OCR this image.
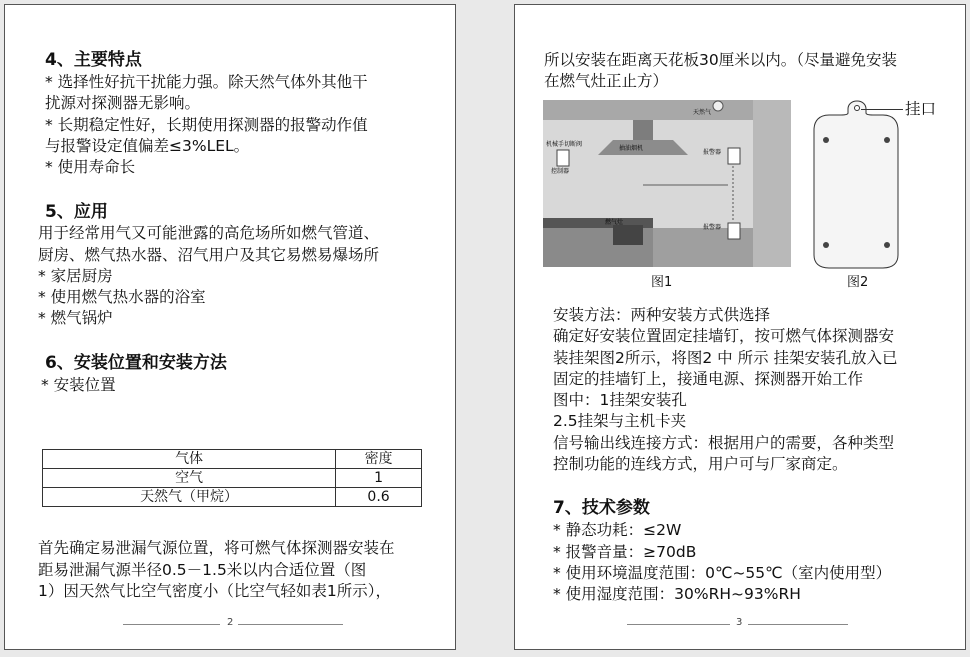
4、主要特点
* 选择性好抗干扰能力强。除天然气体外其他干
扰源对探测器无影响。
* 长期稳定性好，长期使用探测器的报警动作值
与报警设定值偏差≤3%LEL。
* 使用寿命长
5、应用
用于经常用气又可能泄露的高危场所如燃气管道、
厨房、燃气热水器、沼气用户及其它易燃易爆场所
* 家居厨房
* 使用燃气热水器的浴室
* 燃气锅炉
6、安装位置和安装方法
* 安装位置
气体	密度
空气	1
天然气（甲烷）	0.6
首先确定易泄漏气源位置，将可燃气体探测器安装在
距易泄漏气源半径0.5－1.5米以内合适位置（图
1）因天然气比空气密度小（比空气轻如表1所示），
2
所以安装在距离天花板30厘米以内。（尽量避免安装
在燃气灶正止方）
抽油烟机
机械手切断阀
控制器
天然气
报警器
报警器
燃气灶
图1
挂口
图2
安装方法：两种安装方式供选择
确定好安装位置固定挂墙钉，按可燃气体探测器安
装挂架图2所示，将图2 中 所示 挂架安装孔放入已
固定的挂墙钉上，接通电源、探测器开始工作
图中：1挂架安装孔
2.5挂架与主机卡夹
信号输出线连接方式：根据用户的需要，各种类型
控制功能的连线方式，用户可与厂家商定。
7、技术参数
* 静态功耗：≤2W
* 报警音量：≥70dB
* 使用环境温度范围：0℃~55℃（室内使用型）
* 使用湿度范围：30%RH~93%RH
3
